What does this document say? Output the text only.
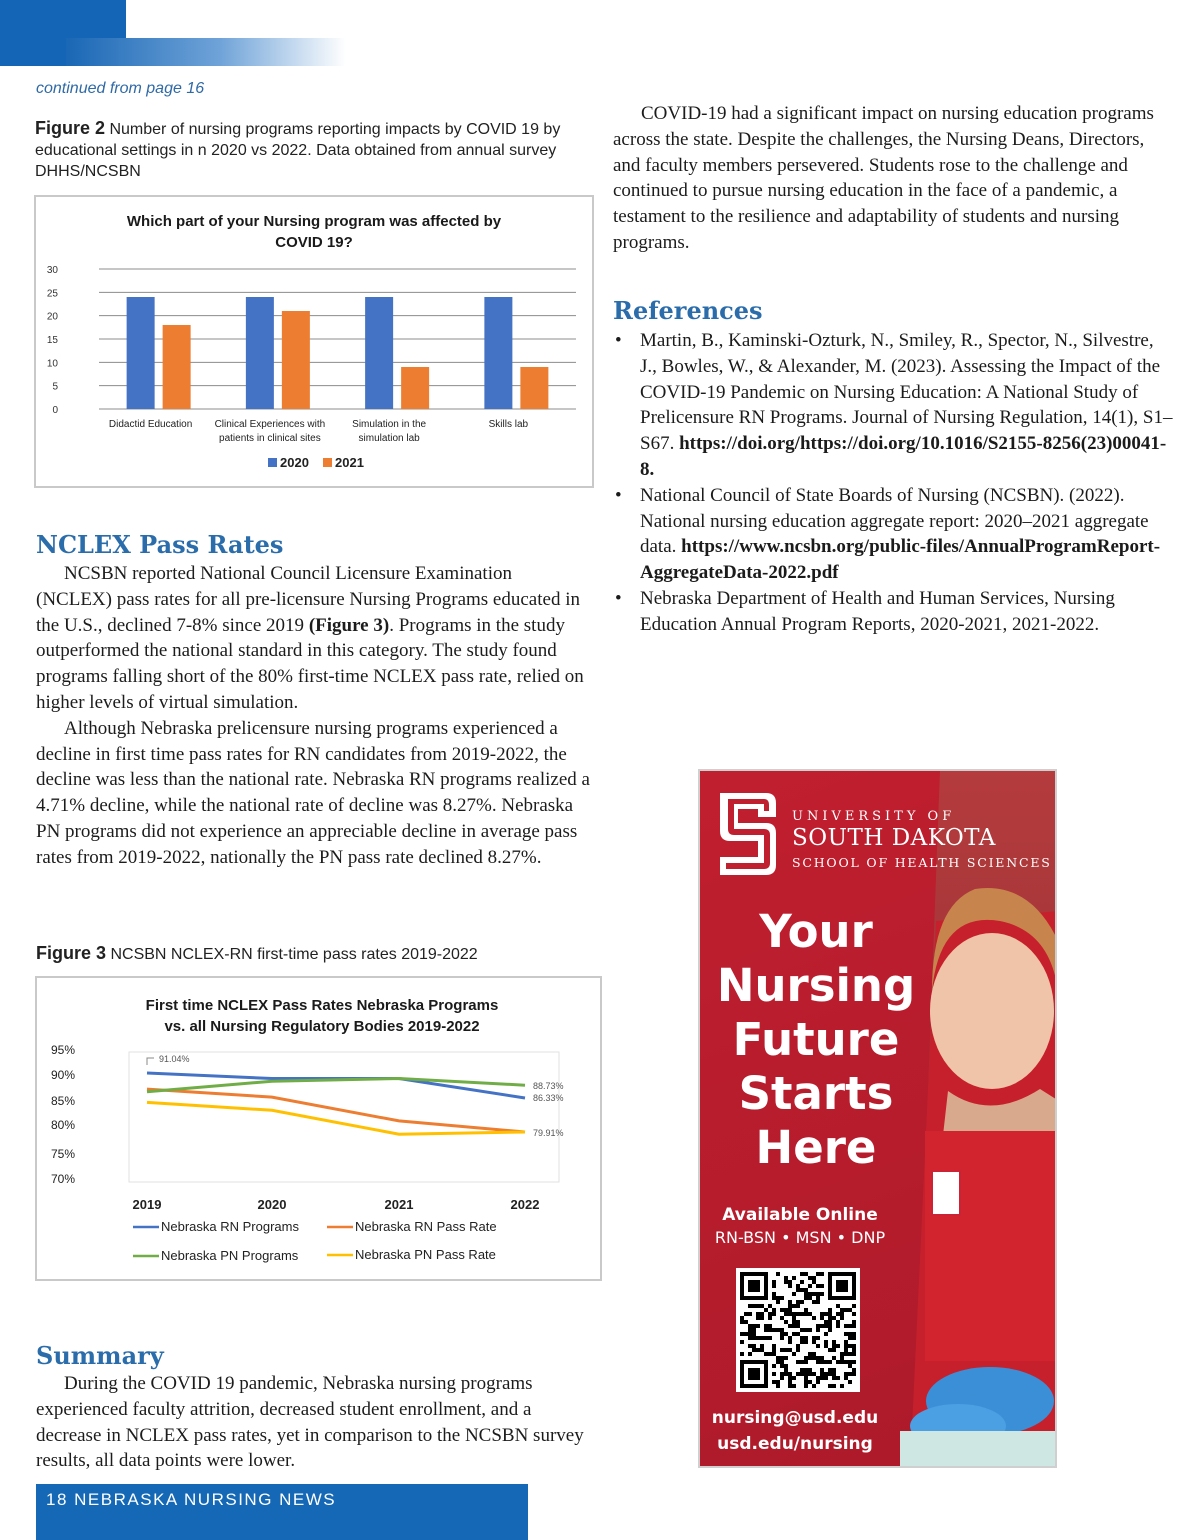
continued from page 16
Figure 2 Number of nursing programs reporting impacts by COVID 19 by educational settings in n 2020 vs 2022. Data obtained from annual survey DHHS/NCSBN
Which part of your Nursing program was affected by
COVID 19?
0
5
10
15
20
25
30
Didactid Education Clinical Experiences with
patients in clinical sites
Simulation in the
simulation lab
Skills lab
2020 2021
NCLEX Pass Rates

NCSBN reported National Council Licensure Examination (NCLEX) pass rates for all pre-licensure Nursing Programs educated in the U.S., declined 7-8% since 2019 (Figure 3). Programs in the study outperformed the national standard in this category. The study found programs falling short of the 80% first-time NCLEX pass rate, relied on higher levels of virtual simulation.

Although Nebraska prelicensure nursing programs experienced a decline in first time pass rates for RN candidates from 2019-2022, the decline was less than the national rate. Nebraska RN programs realized a 4.71% decline, while the national rate of decline was 8.27%. Nebraska PN programs did not experience an appreciable decline in average pass rates from 2019-2022, nationally the PN pass rate declined 8.27%.

Figure 3 NCSBN NCLEX-RN first-time pass rates 2019-2022
First time NCLEX Pass Rates Nebraska Programs
vs. all Nursing Regulatory Bodies 2019-2022
95%
90%
85%
80%
75%
70%
91.04%
88.73%
86.33%
79.91%
2019	2020	2021	2022
Nebraska RN Programs	Nebraska RN Pass Rate
Nebraska PN Programs	Nebraska PN Pass Rate
Summary

During the COVID 19 pandemic, Nebraska nursing programs experienced faculty attrition, decreased student enrollment, and a decrease in NCLEX pass rates, yet in comparison to the NCSBN survey results, all data points were lower.

COVID-19 had a significant impact on nursing education programs across the state. Despite the challenges, the Nursing Deans, Directors, and faculty members persevered. Students rose to the challenge and continued to pursue nursing education in the face of a pandemic, a testament to the resilience and adaptability of students and nursing programs.

References
• Martin, B., Kaminski-Ozturk, N., Smiley, R., Spector, N., Silvestre, J., Bowles, W., & Alexander, M. (2023). Assessing the Impact of the COVID-19 Pandemic on Nursing Education: A National Study of Prelicensure RN Programs. Journal of Nursing Regulation, 14(1), S1–S67. https://doi.org/https://doi.org/10.1016/S2155-8256(23)00041-8.
• National Council of State Boards of Nursing (NCSBN). (2022). National nursing education aggregate report: 2020–2021 aggregate data. https://www.ncsbn.org/public-files/AnnualProgramReport-AggregateData-2022.pdf
• Nebraska Department of Health and Human Services, Nursing Education Annual Program Reports, 2020-2021, 2021-2022.
UNIVERSITY OF
SOUTH DAKOTA
SCHOOL OF HEALTH SCIENCES
Your
Nursing
Future
Starts
Here
Available Online
RN-BSN • MSN • DNP
nursing@usd.edu
usd.edu/nursing
18 NEBRASKA NURSING NEWS
